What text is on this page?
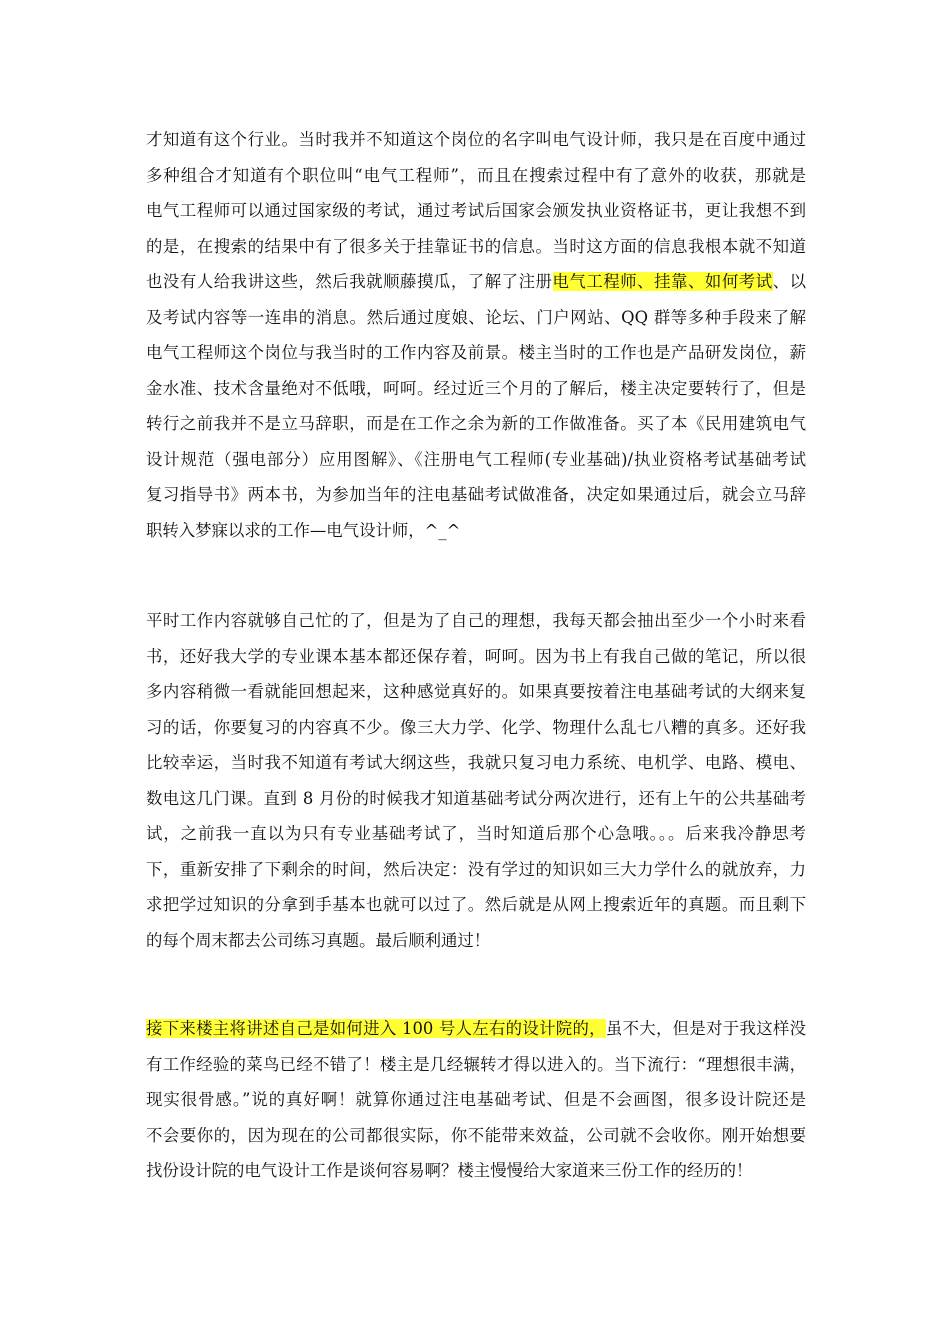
才知道有这个行业。当时我并不知道这个岗位的名字叫电气设计师，我只是在百度中通过
多种组合才知道有个职位叫“电气工程师”，而且在搜索过程中有了意外的收获，那就是
电气工程师可以通过国家级的考试，通过考试后国家会颁发执业资格证书，更让我想不到
的是，在搜索的结果中有了很多关于挂靠证书的信息。当时这方面的信息我根本就不知道
也没有人给我讲这些，然后我就顺藤摸瓜，了解了注册电气工程师、挂靠、如何考试、以
及考试内容等一连串的消息。然后通过度娘、论坛、门户网站、QQ 群等多种手段来了解
电气工程师这个岗位与我当时的工作内容及前景。楼主当时的工作也是产品研发岗位，薪
金水准、技术含量绝对不低哦，呵呵。经过近三个月的了解后，楼主决定要转行了，但是
转行之前我并不是立马辞职，而是在工作之余为新的工作做准备。买了本《民用建筑电气
设计规范（强电部分）应用图解》、《注册电气工程师(专业基础)/执业资格考试基础考试
复习指导书》两本书，为参加当年的注电基础考试做准备，决定如果通过后，就会立马辞
职转入梦寐以求的工作—电气设计师，^_^
平时工作内容就够自己忙的了，但是为了自己的理想，我每天都会抽出至少一个小时来看
书，还好我大学的专业课本基本都还保存着，呵呵。因为书上有我自己做的笔记，所以很
多内容稍微一看就能回想起来，这种感觉真好的。如果真要按着注电基础考试的大纲来复
习的话，你要复习的内容真不少。像三大力学、化学、物理什么乱七八糟的真多。还好我
比较幸运，当时我不知道有考试大纲这些，我就只复习电力系统、电机学、电路、模电、
数电这几门课。直到 8 月份的时候我才知道基础考试分两次进行，还有上午的公共基础考
试，之前我一直以为只有专业基础考试了，当时知道后那个心急哦。。。后来我冷静思考
下，重新安排了下剩余的时间，然后决定：没有学过的知识如三大力学什么的就放弃，力
求把学过知识的分拿到手基本也就可以过了。然后就是从网上搜索近年的真题。而且剩下
的每个周末都去公司练习真题。最后顺利通过！
接下来楼主将讲述自己是如何进入 100 号人左右的设计院的，虽不大，但是对于我这样没
有工作经验的菜鸟已经不错了！楼主是几经辗转才得以进入的。当下流行：“理想很丰满，
现实很骨感。”说的真好啊！就算你通过注电基础考试、但是不会画图，很多设计院还是
不会要你的，因为现在的公司都很实际，你不能带来效益，公司就不会收你。刚开始想要
找份设计院的电气设计工作是谈何容易啊？楼主慢慢给大家道来三份工作的经历的！
